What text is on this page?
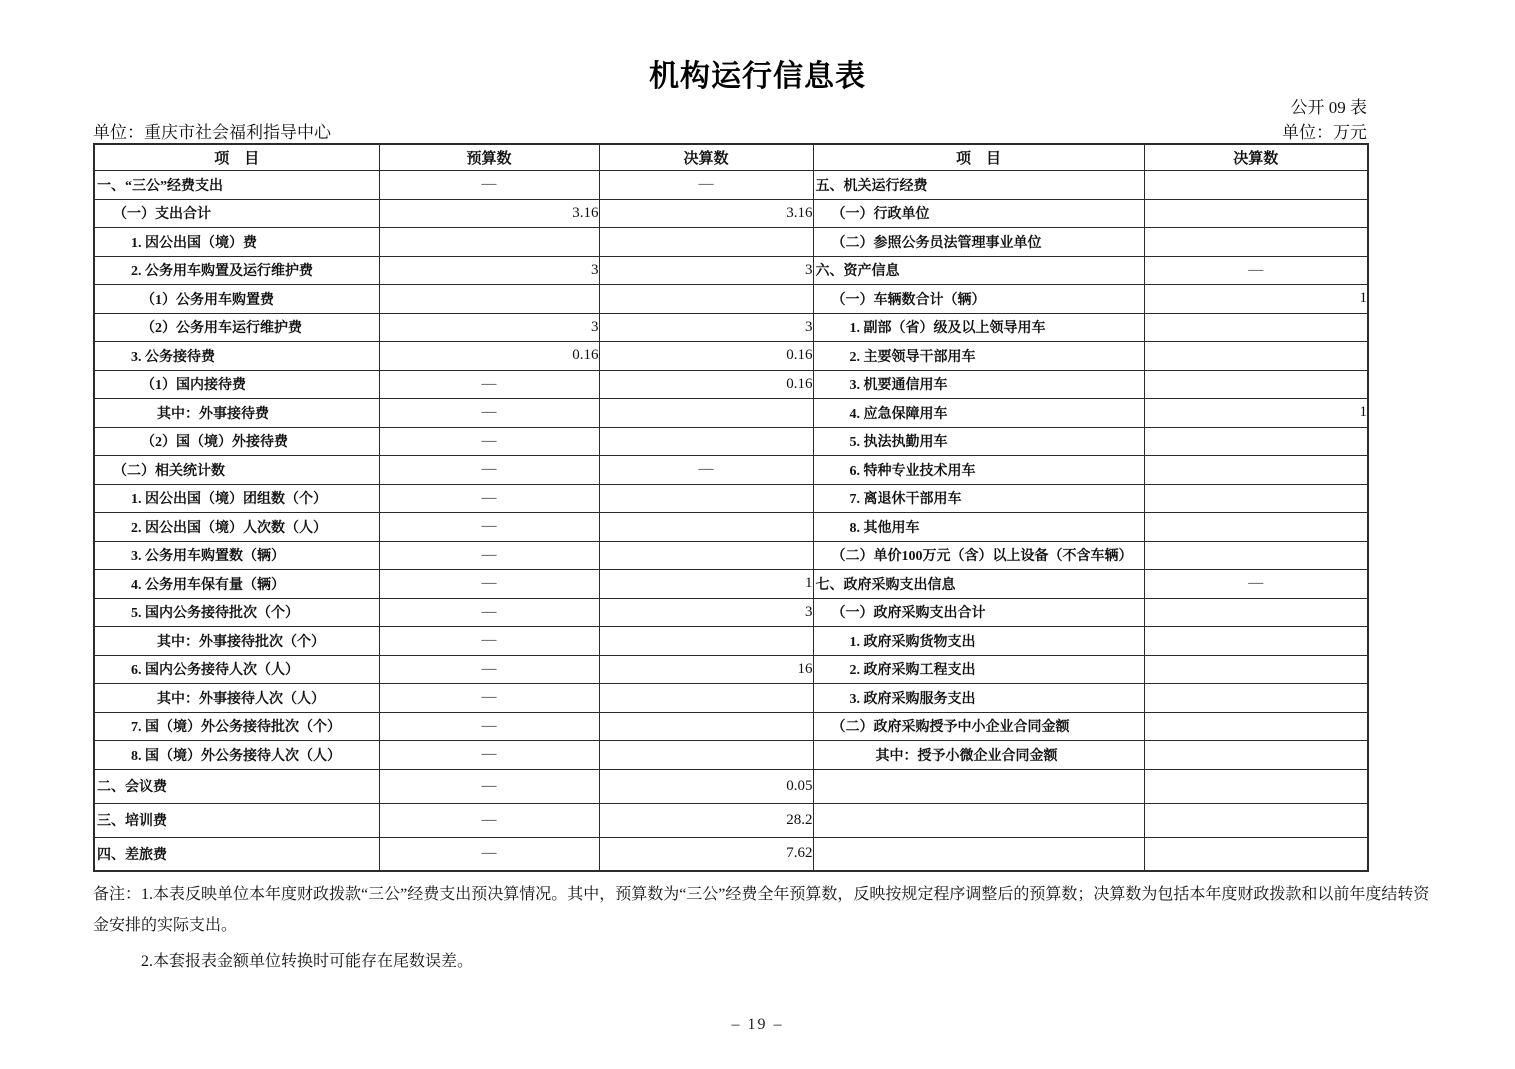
机构运行信息表
公开 09 表
单位：重庆市社会福利指导中心	单位：万元
项　目	预算数	决算数	项　目	决算数
一、“三公”经费支出	—	—	五、机关运行经费	
（一）支出合计	3.16	3.16	（一）行政单位	
1. 因公出国（境）费			（二）参照公务员法管理事业单位	
2. 公务用车购置及运行维护费	3	3	六、资产信息	—
（1）公务用车购置费			（一）车辆数合计（辆）	1
（2）公务用车运行维护费	3	3	1. 副部（省）级及以上领导用车	
3. 公务接待费	0.16	0.16	2. 主要领导干部用车	
（1）国内接待费	—	0.16	3. 机要通信用车	
其中：外事接待费	—		4. 应急保障用车	1
（2）国（境）外接待费	—		5. 执法执勤用车	
（二）相关统计数	—	—	6. 特种专业技术用车	
1. 因公出国（境）团组数（个）	—		7. 离退休干部用车	
2. 因公出国（境）人次数（人）	—		8. 其他用车	
3. 公务用车购置数（辆）	—		（二）单价100万元（含）以上设备（不含车辆）	
4. 公务用车保有量（辆）	—	1	七、政府采购支出信息	—
5. 国内公务接待批次（个）	—	3	（一）政府采购支出合计	
其中：外事接待批次（个）	—		1. 政府采购货物支出	
6. 国内公务接待人次（人）	—	16	2. 政府采购工程支出	
其中：外事接待人次（人）	—		3. 政府采购服务支出	
7. 国（境）外公务接待批次（个）	—		（二）政府采购授予中小企业合同金额	
8. 国（境）外公务接待人次（人）	—		其中：授予小微企业合同金额	
二、会议费	—	0.05		
三、培训费	—	28.2		
四、差旅费	—	7.62		
备注：1.本表反映单位本年度财政拨款“三公”经费支出预决算情况。其中，预算数为“三公”经费全年预算数，反映按规定程序调整后的预算数；决算数为包括本年度财政拨款和以前年度结转资金安排的实际支出。
2.本套报表金额单位转换时可能存在尾数误差。
– 19 –
